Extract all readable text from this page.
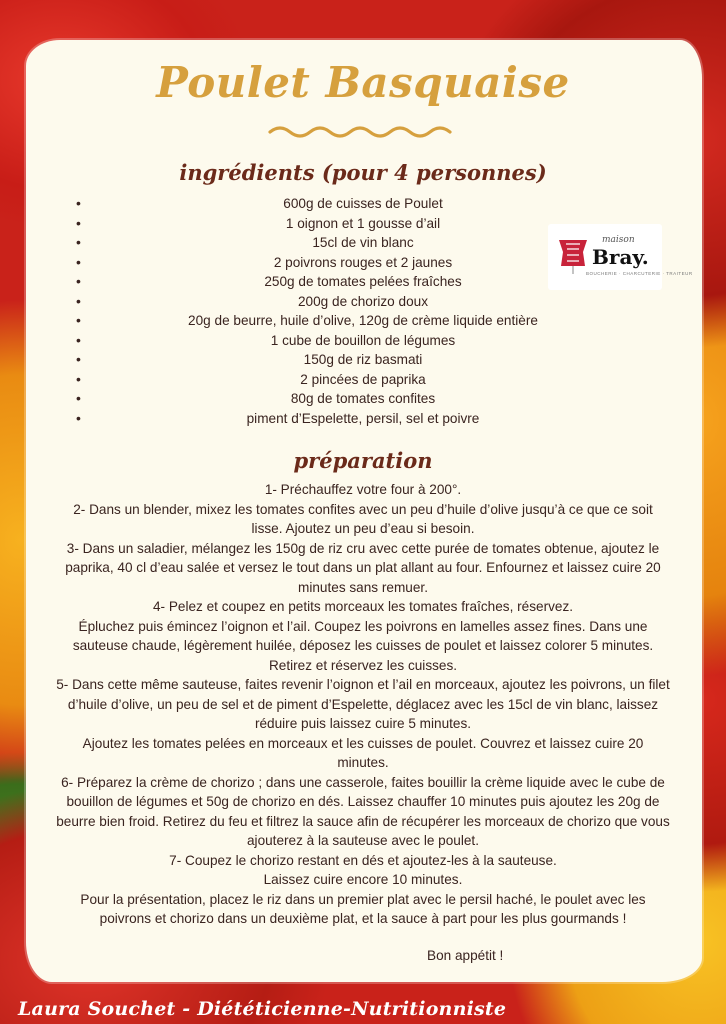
Poulet Basquaise
ingrédients (pour 4 personnes)
•	600g de cuisses de Poulet
•	1 oignon et 1 gousse d’ail
•	15cl de vin blanc
•	2 poivrons rouges et 2 jaunes
•	250g de tomates pelées fraîches
•	200g de chorizo doux
•	20g de beurre, huile d’olive, 120g de crème liquide entière
•	1 cube de bouillon de légumes
•	150g de riz basmati
•	2 pincées de paprika
•	80g de tomates confites
•	piment d’Espelette, persil, sel et poivre
maison
Bray.
BOUCHERIE · CHARCUTERIE · TRAITEUR
préparation

1- Préchauffez votre four à 200°.

2- Dans un blender, mixez les tomates confites avec un peu d’huile d’olive jusqu’à ce que ce soit lisse. Ajoutez un peu d’eau si besoin.

3- Dans un saladier, mélangez les 150g de riz cru avec cette purée de tomates obtenue, ajoutez le paprika, 40 cl d’eau salée et versez le tout dans un plat allant au four. Enfournez et laissez cuire 20 minutes sans remuer.

4- Pelez et coupez en petits morceaux les tomates fraîches, réservez.

Épluchez puis émincez l’oignon et l’ail. Coupez les poivrons en lamelles assez fines. Dans une sauteuse chaude, légèrement huilée, déposez les cuisses de poulet et laissez colorer 5 minutes. Retirez et réservez les cuisses.

5- Dans cette même sauteuse, faites revenir l’oignon et l’ail en morceaux, ajoutez les poivrons, un filet d’huile d’olive, un peu de sel et de piment d’Espelette, déglacez avec les 15cl de vin blanc, laissez réduire puis laissez cuire 5 minutes.

Ajoutez les tomates pelées en morceaux et les cuisses de poulet. Couvrez et laissez cuire 20 minutes.

6- Préparez la crème de chorizo ; dans une casserole, faites bouillir la crème liquide avec le cube de bouillon de légumes et 50g de chorizo en dés. Laissez chauffer 10 minutes puis ajoutez les 20g de beurre bien froid. Retirez du feu et filtrez la sauce afin de récupérer les morceaux de chorizo que vous ajouterez à la sauteuse avec le poulet.

7- Coupez le chorizo restant en dés et ajoutez-les à la sauteuse.

Laissez cuire encore 10 minutes.

Pour la présentation, placez le riz dans un premier plat avec le persil haché, le poulet avec les poivrons et chorizo dans un deuxième plat, et la sauce à part pour les plus gourmands !

Bon appétit !
Laura Souchet - Diététicienne-Nutritionniste
